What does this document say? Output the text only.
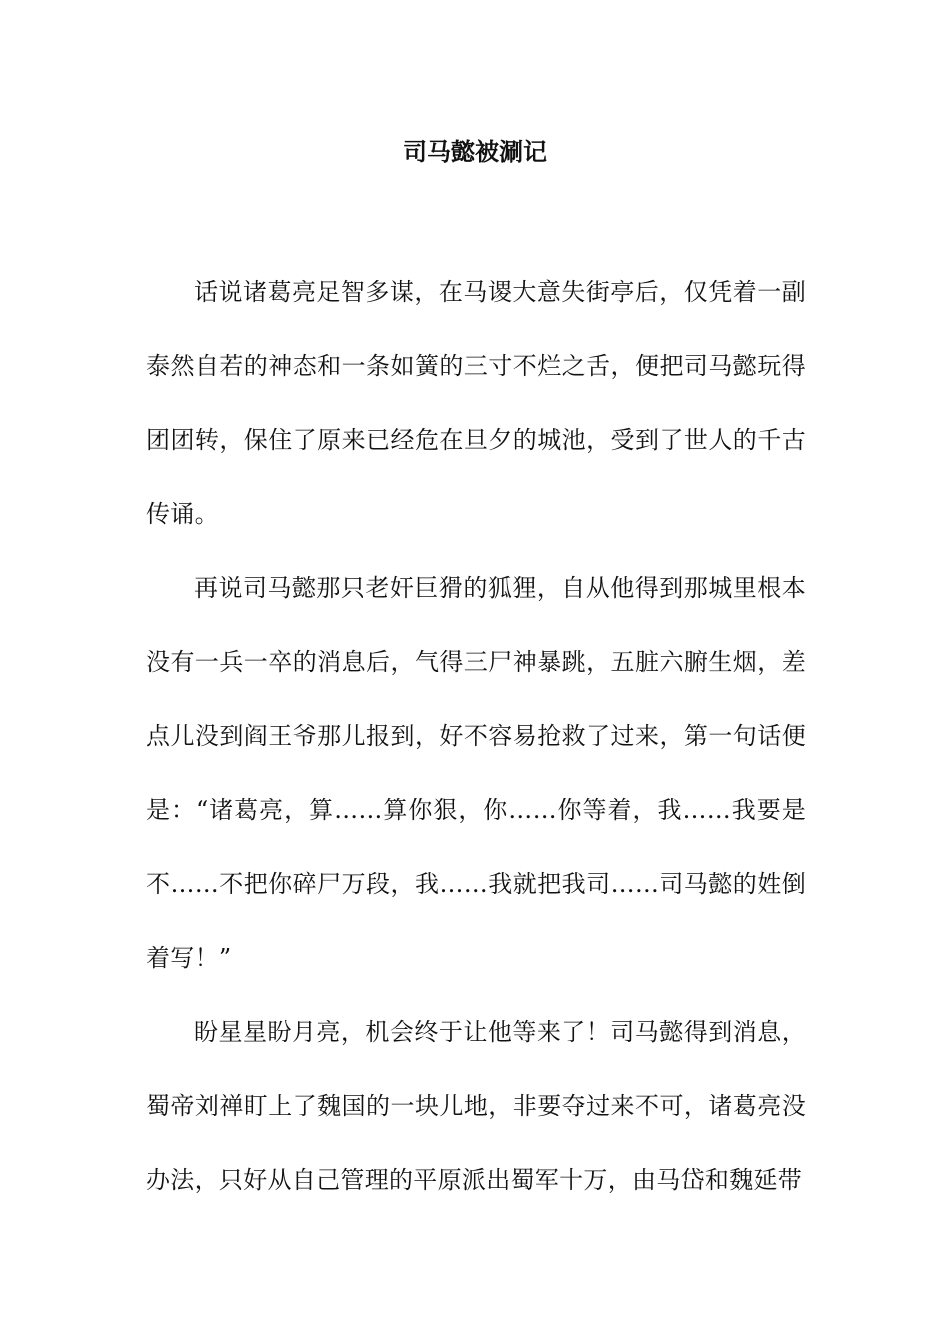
司马懿被涮记

话说诸葛亮足智多谋，在马谡大意失街亭后，仅凭着一副泰然自若的神态和一条如簧的三寸不烂之舌，便把司马懿玩得团团转，保住了原来已经危在旦夕的城池，受到了世人的千古传诵。

再说司马懿那只老奸巨猾的狐狸，自从他得到那城里根本没有一兵一卒的消息后，气得三尸神暴跳，五脏六腑生烟，差点儿没到阎王爷那儿报到，好不容易抢救了过来，第一句话便是：“诸葛亮，算……算你狠，你……你等着，我……我要是不……不把你碎尸万段，我……我就把我司……司马懿的姓倒着写！”

盼星星盼月亮，机会终于让他等来了！司马懿得到消息，蜀帝刘禅盯上了魏国的一块儿地，非要夺过来不可，诸葛亮没办法，只好从自己管理的平原派出蜀军十万，由马岱和魏延带
